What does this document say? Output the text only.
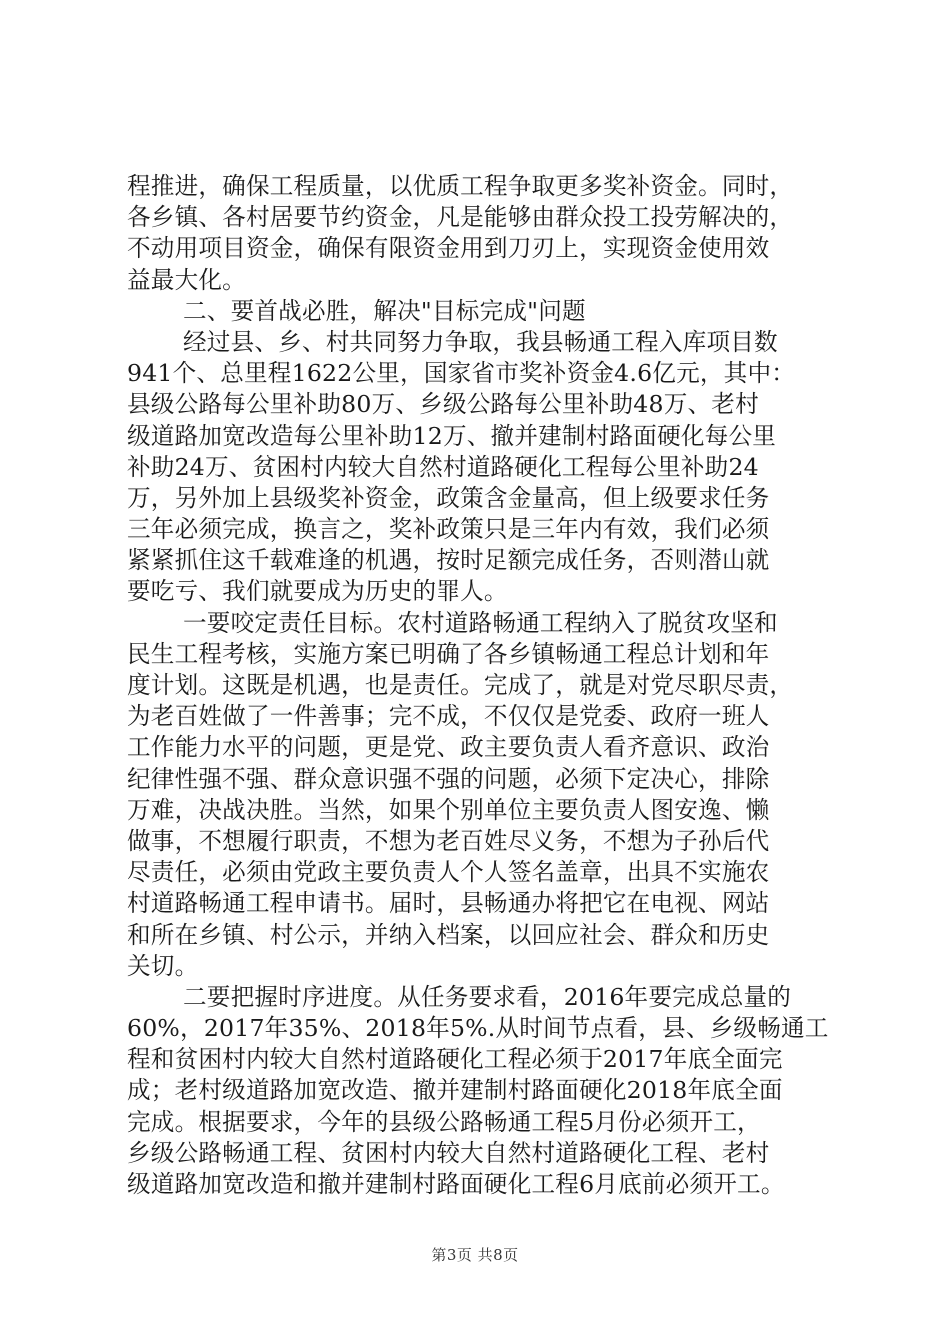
程推进，确保工程质量，以优质工程争取更多奖补资金。同时，
各乡镇、各村居要节约资金，凡是能够由群众投工投劳解决的，
不动用项目资金，确保有限资金用到刀刃上，实现资金使用效
益最大化。
二、要首战必胜，解决"目标完成"问题
经过县、乡、村共同努力争取，我县畅通工程入库项目数
941个、总里程1622公里，国家省市奖补资金4.6亿元，其中：
县级公路每公里补助80万、乡级公路每公里补助48万、老村
级道路加宽改造每公里补助12万、撤并建制村路面硬化每公里
补助24万、贫困村内较大自然村道路硬化工程每公里补助24
万，另外加上县级奖补资金，政策含金量高，但上级要求任务
三年必须完成，换言之，奖补政策只是三年内有效，我们必须
紧紧抓住这千载难逢的机遇，按时足额完成任务，否则潜山就
要吃亏、我们就要成为历史的罪人。
一要咬定责任目标。农村道路畅通工程纳入了脱贫攻坚和
民生工程考核，实施方案已明确了各乡镇畅通工程总计划和年
度计划。这既是机遇，也是责任。完成了，就是对党尽职尽责，
为老百姓做了一件善事；完不成，不仅仅是党委、政府一班人
工作能力水平的问题，更是党、政主要负责人看齐意识、政治
纪律性强不强、群众意识强不强的问题，必须下定决心，排除
万难，决战决胜。当然，如果个别单位主要负责人图安逸、懒
做事，不想履行职责，不想为老百姓尽义务，不想为子孙后代
尽责任，必须由党政主要负责人个人签名盖章，出具不实施农
村道路畅通工程申请书。届时，县畅通办将把它在电视、网站
和所在乡镇、村公示，并纳入档案，以回应社会、群众和历史
关切。
二要把握时序进度。从任务要求看，2016年要完成总量的
60%，2017年35%、2018年5%.从时间节点看，县、乡级畅通工
程和贫困村内较大自然村道路硬化工程必须于2017年底全面完
成；老村级道路加宽改造、撤并建制村路面硬化2018年底全面
完成。根据要求，今年的县级公路畅通工程5月份必须开工，
乡级公路畅通工程、贫困村内较大自然村道路硬化工程、老村
级道路加宽改造和撤并建制村路面硬化工程6月底前必须开工。
第3页 共8页
